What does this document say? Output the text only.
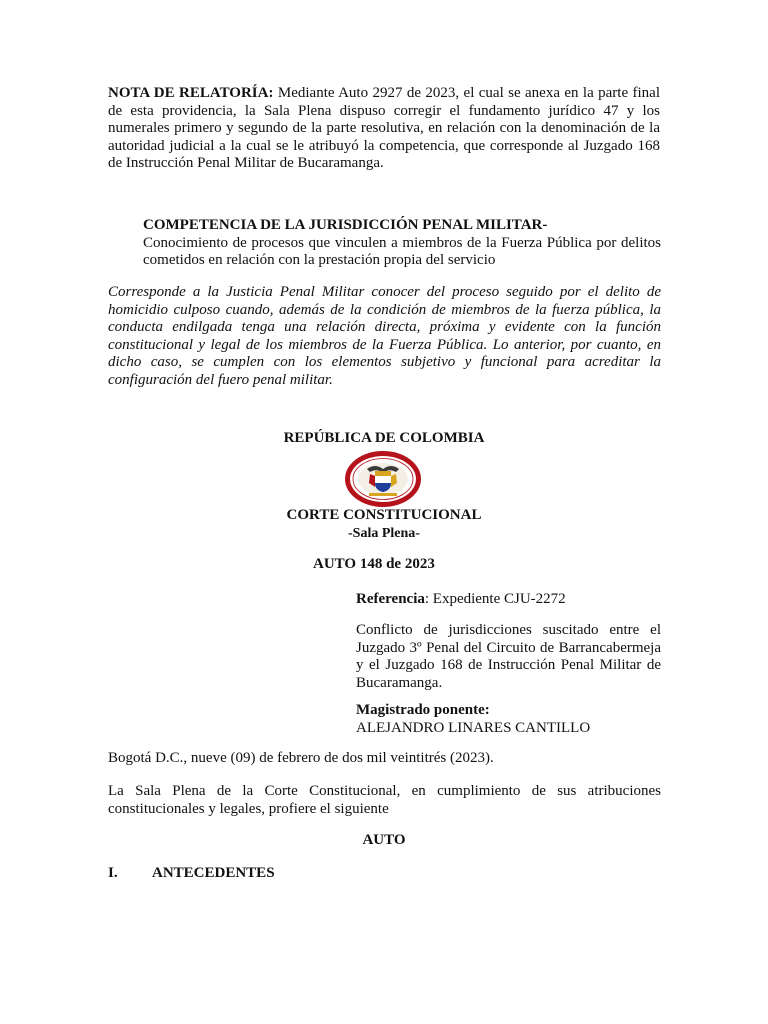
NOTA DE RELATORÍA: Mediante Auto 2927 de 2023, el cual se anexa en la parte final de esta providencia, la Sala Plena dispuso corregir el fundamento jurídico 47 y los numerales primero y segundo de la parte resolutiva, en relación con la denominación de la autoridad judicial a la cual se le atribuyó la competencia, que corresponde al Juzgado 168 de Instrucción Penal Militar de Bucaramanga.

COMPETENCIA DE LA JURISDICCIÓN PENAL MILITAR-
Conocimiento de procesos que vinculen a miembros de la Fuerza Pública por delitos cometidos en relación con la prestación propia del servicio

Corresponde a la Justicia Penal Militar conocer del proceso seguido por el delito de homicidio culposo cuando, además de la condición de miembros de la fuerza pública, la conducta endilgada tenga una relación directa, próxima y evidente con la función constitucional y legal de los miembros de la Fuerza Pública. Lo anterior, por cuanto, en dicho caso, se cumplen con los elementos subjetivo y funcional para acreditar la configuración del fuero penal militar.

REPÚBLICA DE COLOMBIA
CORTE CONSTITUCIONAL
-Sala Plena-
AUTO 148 de 2023

Referencia: Expediente CJU-2272

Conflicto de jurisdicciones suscitado entre el Juzgado 3º Penal del Circuito de Barrancabermeja y el Juzgado 168 de Instrucción Penal Militar de Bucaramanga.

Magistrado ponente:
ALEJANDRO LINARES CANTILLO

Bogotá D.C., nueve (09) de febrero de dos mil veintitrés (2023).

La Sala Plena de la Corte Constitucional, en cumplimiento de sus atribuciones constitucionales y legales, profiere el siguiente

AUTO
I. ANTECEDENTES
